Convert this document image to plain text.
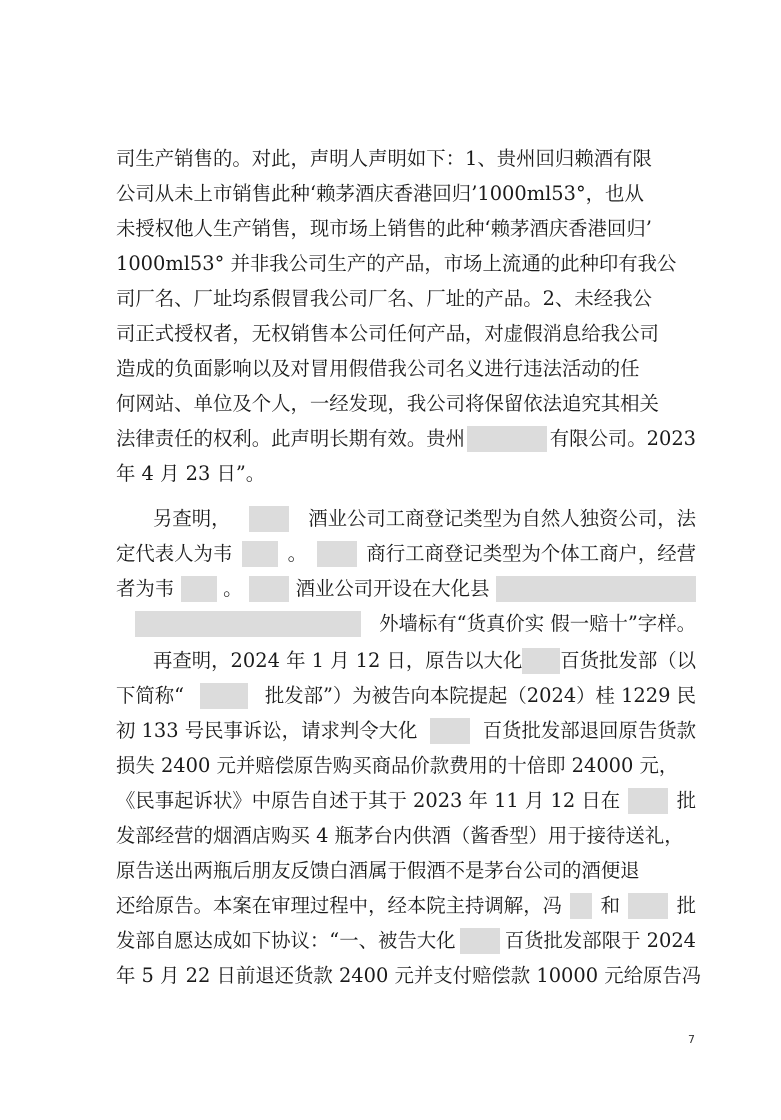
司生产销售的。对此，声明人声明如下：1、贵州回归赖酒有限
公司从未上市销售此种‘赖茅酒庆香港回归’1000ml53°，也从
未授权他人生产销售，现市场上销售的此种‘赖茅酒庆香港回归’
1000ml53° 并非我公司生产的产品，市场上流通的此种印有我公
司厂名、厂址均系假冒我公司厂名、厂址的产品。2、未经我公
司正式授权者，无权销售本公司任何产品，对虚假消息给我公司
造成的负面影响以及对冒用假借我公司名义进行违法活动的任
何网站、单位及个人，一经发现，我公司将保留依法追究其相关
法律责任的权利。此声明长期有效。贵州	有限公司。2023
年 4 月 23 日”。
另查明，	酒业公司工商登记类型为自然人独资公司，法
定代表人为韦	。	商行工商登记类型为个体工商户，经营
者为韦	。	酒业公司开设在大化县
外墙标有“货真价实 假一赔十”字样。
再查明，2024 年 1 月 12 日，原告以大化 百货批发部（以
下简称“	批发部”）为被告向本院提起（2024）桂 1229 民
初 133 号民事诉讼，请求判令大化	百货批发部退回原告货款
损失 2400 元并赔偿原告购买商品价款费用的十倍即 24000 元，
《民事起诉状》中原告自述于其于 2023 年 11 月 12 日在	批
发部经营的烟酒店购买 4 瓶茅台内供酒（酱香型）用于接待送礼，
原告送出两瓶后朋友反馈白酒属于假酒不是茅台公司的酒便退
还给原告。本案在审理过程中，经本院主持调解，冯 和	批
发部自愿达成如下协议：“一、被告大化	百货批发部限于 2024
年 5 月 22 日前退还货款 2400 元并支付赔偿款 10000 元给原告冯
7
